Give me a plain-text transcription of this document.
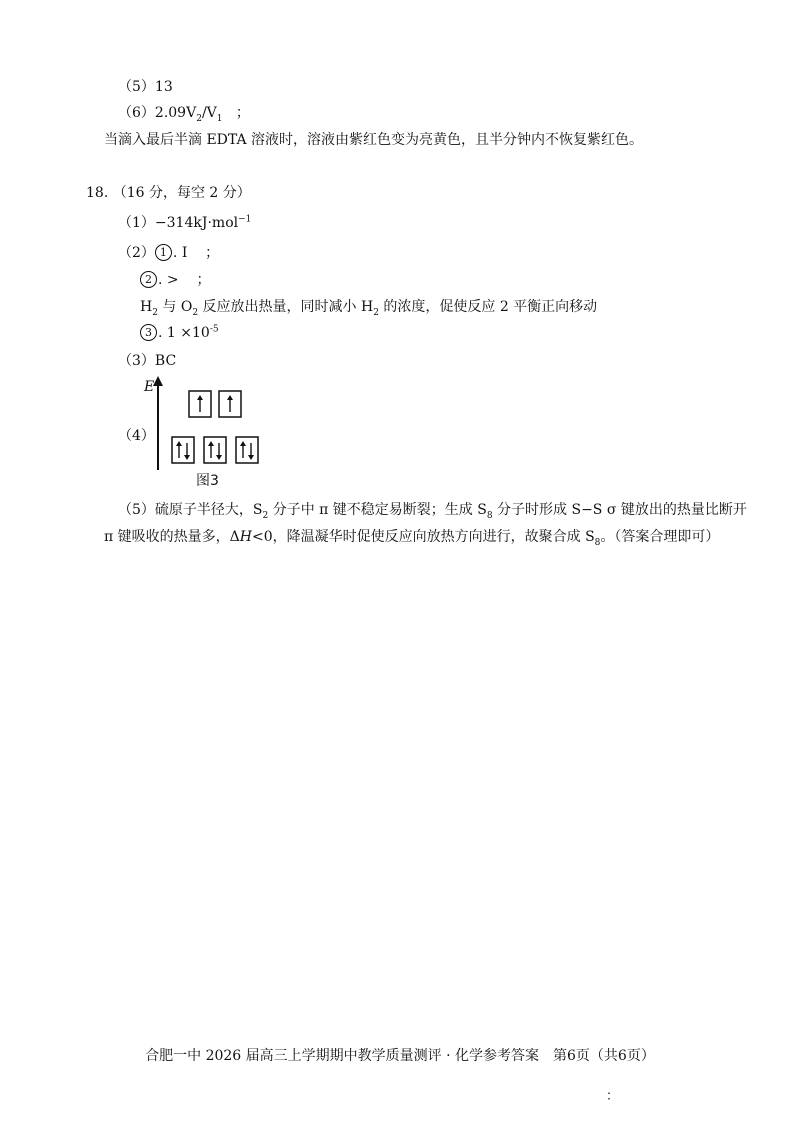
（5）13
$(6)2.09V_2/V_1$ ；
当滴入最后半滴 EDTA 溶液时，溶液由紫红色变为亮黄色，且半分钟内不恢复紫红色。
18. （16 分，每空 2 分）
（1）−314kJ·mol$^{-1}$
（2） 1 . I ；
2 . > ；
$H_2$ 与 $O_2$ 反应放出热量，同时减小 $H_2$ 的浓度，促使反应 2 平衡正向移动
3 . $1 \times 10^{-5}$
（3）BC
（4）
E
图3
（5）硫原子半径大，$S_2$ 分子中 π 键不稳定易断裂；生成 $S_8$ 分子时形成 S−S σ 键放出的热量比断开
π 键吸收的热量多，ΔH<0，降温凝华时促使反应向放热方向进行，故聚合成 $S_8$。（答案合理即可）
合肥一中 2026 届高三上学期期中教学质量测评 · 化学参考答案　第6页（共6页）
：
